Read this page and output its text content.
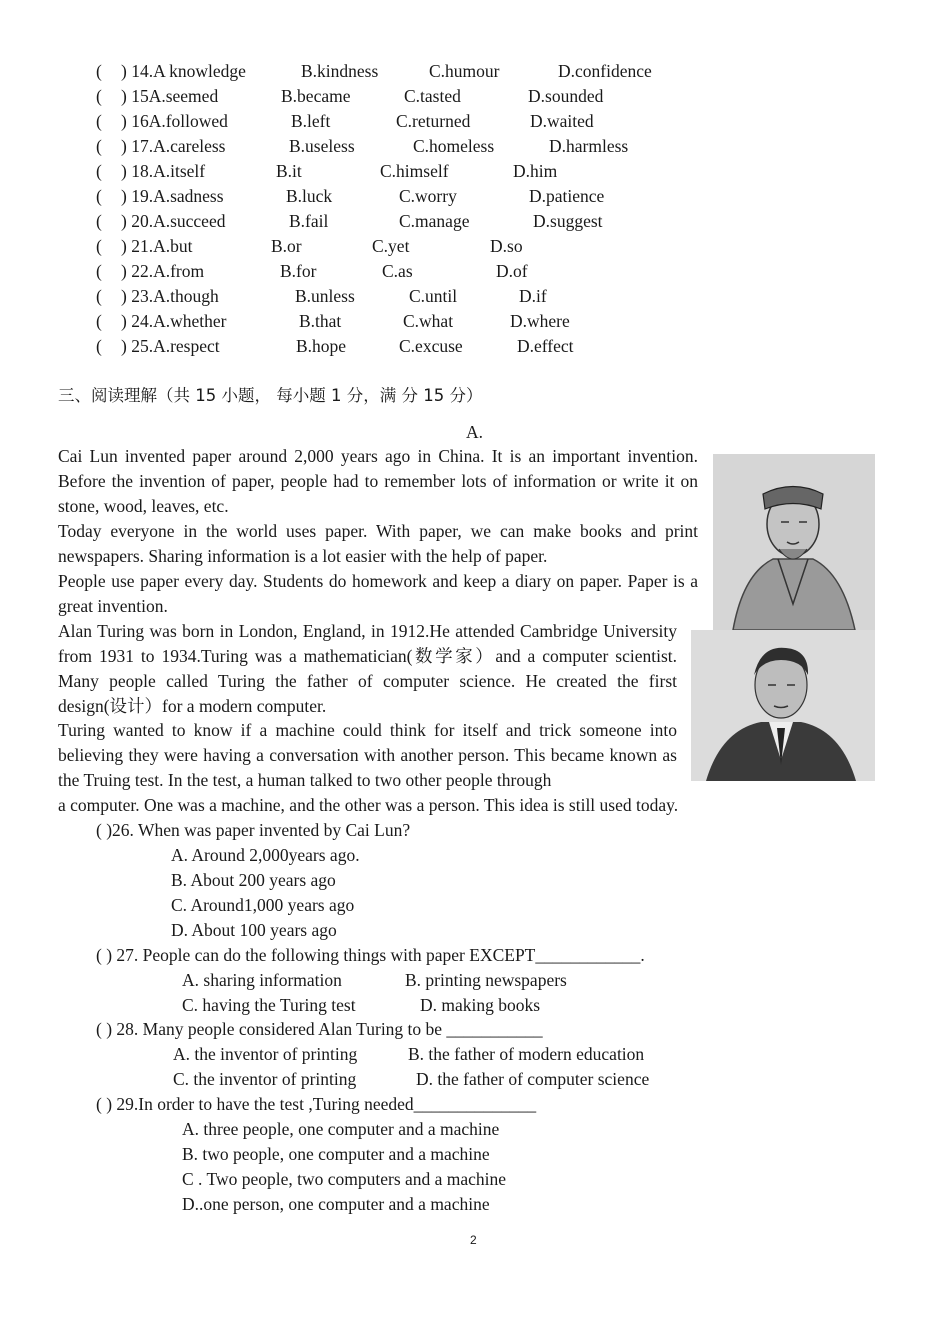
( ) 14.A knowledge	B.kindness	C.humour	D.confidence
( ) 15A.seemed	B.became	C.tasted	D.sounded
( ) 16A.followed	B.left	C.returned	D.waited
( ) 17.A.careless	B.useless	C.homeless	D.harmless
( ) 18.A.itself	B.it	C.himself	D.him
( ) 19.A.sadness	B.luck	C.worry	D.patience
( ) 20.A.succeed	B.fail	C.manage	D.suggest
( ) 21.A.but	B.or	C.yet	D.so
( ) 22.A.from	B.for	C.as	D.of
( ) 23.A.though	B.unless	C.until	D.if
( ) 24.A.whether	B.that	C.what	D.where
( ) 25.A.respect	B.hope	C.excuse	D.effect
三、阅读理解（共 15 小题， 每小题 1 分，满 分 15 分）
A.
Cai Lun invented paper around 2,000 years ago in China. It is an important invention. Before the invention of paper, people had to remember lots of information or write it on stone, wood, leaves, etc.
Today everyone in the world uses paper. With paper, we can make books and print newspapers. Sharing information is a lot easier with the help of paper.
People use paper every day. Students do homework and keep a diary on paper. Paper is a great invention.
Alan Turing was born in London, England, in 1912.He attended Cambridge University from 1931 to 1934.Turing was a mathematician(数学家）and a computer scientist. Many people called Turing the father of computer science. He created the first design(设计）for a modern computer.
Turing wanted to know if a machine could think for itself and trick someone into believing they were having a conversation with another person. This became known as the Truing test. In the test, a human talked to two other people through
a computer. One was a machine, and the other was a person. This idea is still used today.
( )26. When was paper invented by Cai Lun?
A. Around 2,000years ago.
B. About 200 years ago
C. Around1,000 years ago
D. About 100 years ago
( ) 27. People can do the following things with paper EXCEPT____________.
A. sharing information	B. printing newspapers
C. having the Turing test	D. making books
( ) 28. Many people considered Alan Turing to be ___________
A. the inventor of printing	B. the father of modern education
C. the inventor of printing	D. the father of computer science
( ) 29.In order to have the test ,Turing needed______________
A. three people, one computer and a machine
B. two people, one computer and a machine
C . Two people, two computers and a machine
D..one person, one computer and a machine
2
